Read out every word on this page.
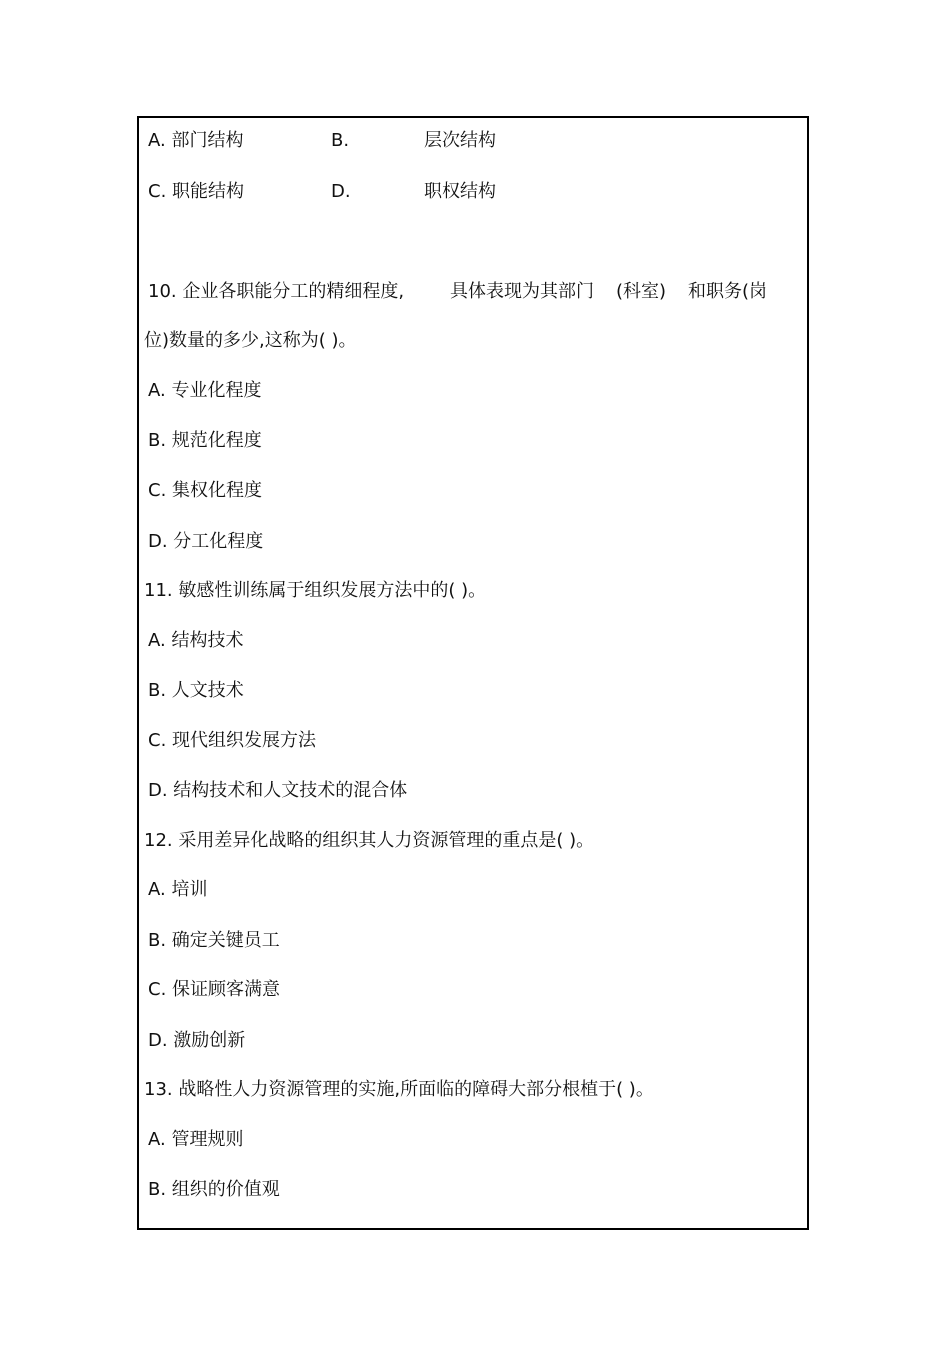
A. 部门结构	B.	层次结构
C. 职能结构	D.	职权结构
10. 企业各职能分工的精细程度,	具体表现为其部门 (科室) 和职务(岗
位)数量的多少,这称为( )。
A. 专业化程度
B. 规范化程度
C. 集权化程度
D. 分工化程度
11. 敏感性训练属于组织发展方法中的( )。
A. 结构技术
B. 人文技术
C. 现代组织发展方法
D. 结构技术和人文技术的混合体
12. 采用差异化战略的组织其人力资源管理的重点是( )。
A. 培训
B. 确定关键员工
C. 保证顾客满意
D. 激励创新
13. 战略性人力资源管理的实施,所面临的障碍大部分根植于( )。
A. 管理规则
B. 组织的价值观
